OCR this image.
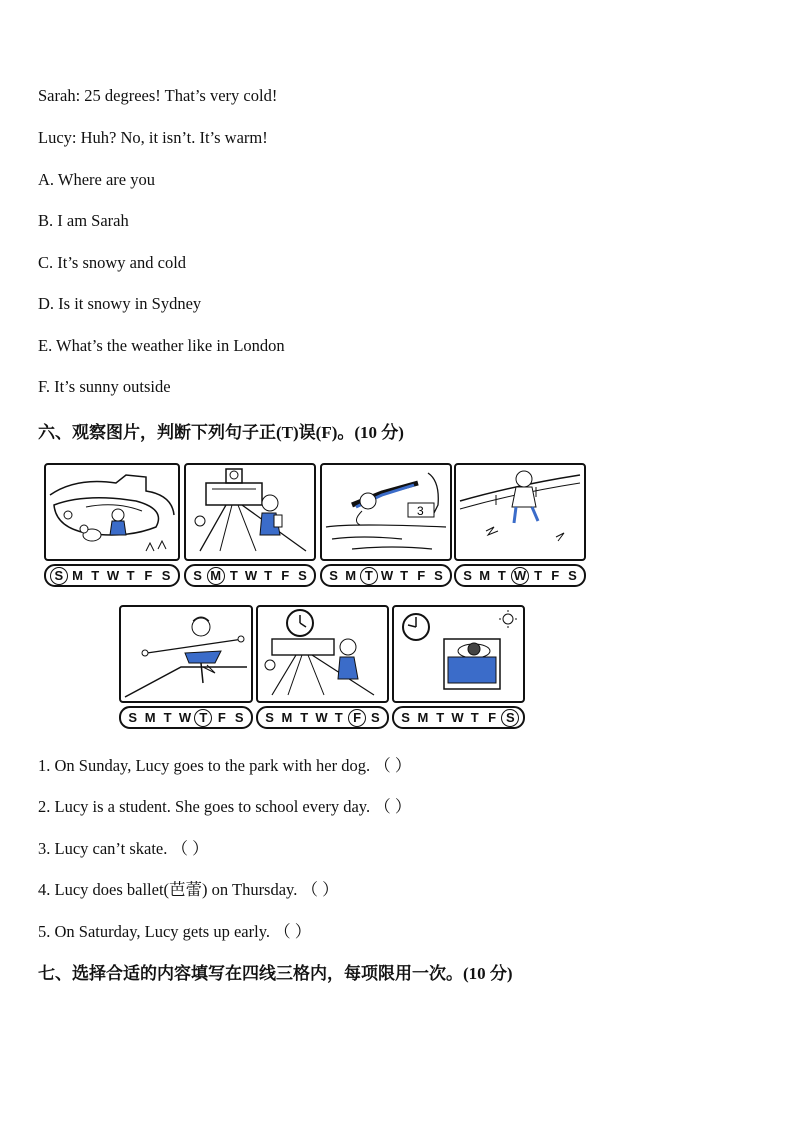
Sarah: 25 degrees! That’s very cold!
Lucy: Huh? No, it isn’t. It’s warm!
A. Where are you
B. I am Sarah
C. It’s snowy and cold
D. Is it snowy in Sydney
E. What’s the weather like in London
F. It’s sunny outside
六、观察图片，判断下列句子正(T)误(F)。(10 分)
S M T W T F S S M T W T F S
3
S M T W T F S S M T W T F S
S M T W T F S S M T W T F S S M T W T F S
1. On Sunday, Lucy goes to the park with her dog. （ ）
2. Lucy is a student. She goes to school every day. （ ）
3. Lucy can’t skate. （ ）
4. Lucy does ballet(芭蕾) on Thursday. （ ）
5. On Saturday, Lucy gets up early. （ ）
七、选择合适的内容填写在四线三格内，每项限用一次。(10 分)
